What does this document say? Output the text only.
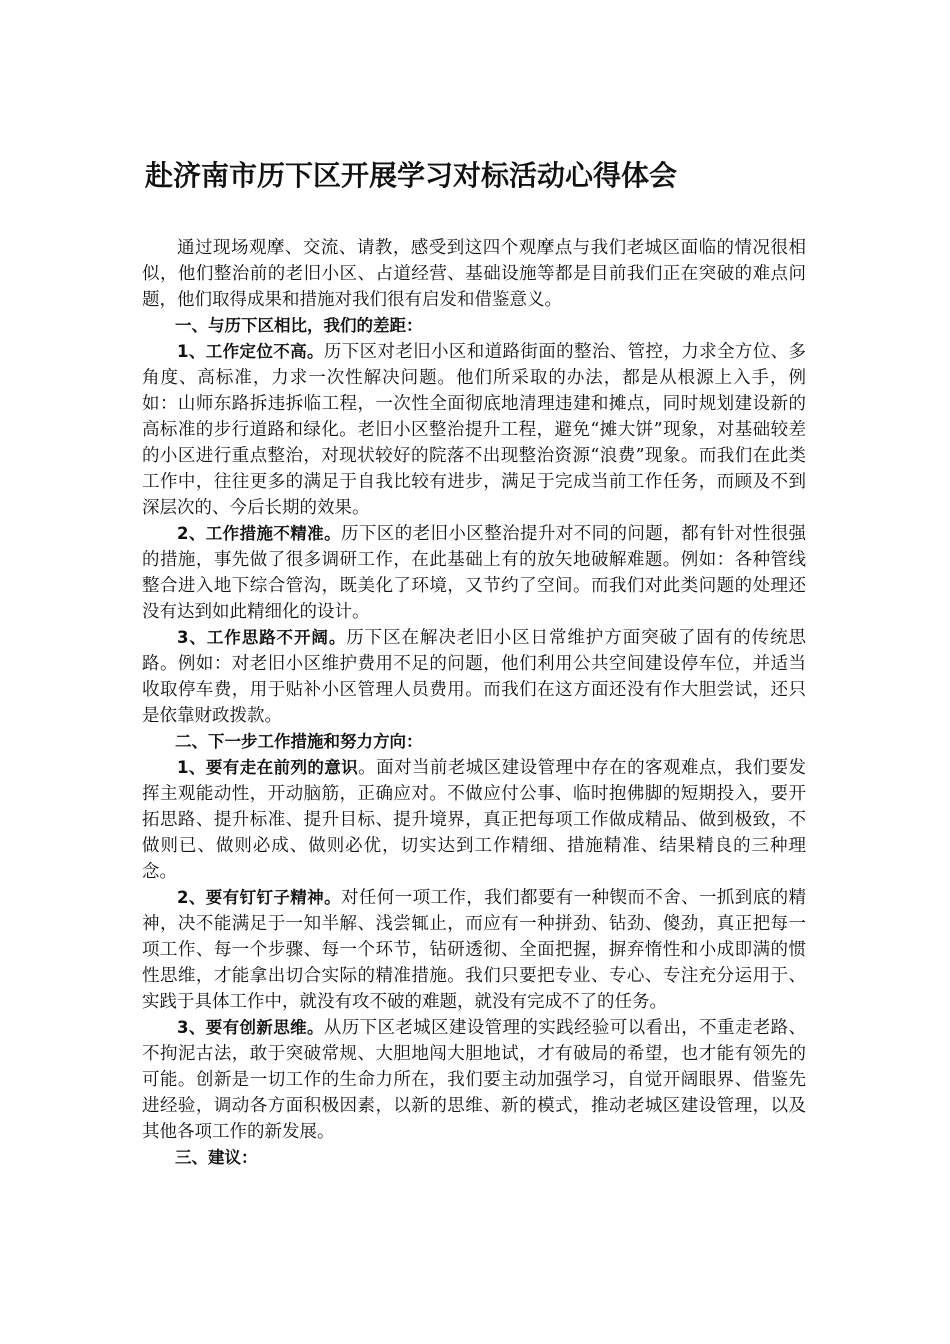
赴济南市历下区开展学习对标活动心得体会

通过现场观摩、交流、请教，感受到这四个观摩点与我们老城区面临的情况很相似，他们整治前的老旧小区、占道经营、基础设施等都是目前我们正在突破的难点问题，他们取得成果和措施对我们很有启发和借鉴意义。

一、与历下区相比，我们的差距：

1、工作定位不高。历下区对老旧小区和道路街面的整治、管控，力求全方位、多角度、高标准，力求一次性解决问题。他们所采取的办法，都是从根源上入手，例如：山师东路拆违拆临工程，一次性全面彻底地清理违建和摊点，同时规划建设新的高标准的步行道路和绿化。老旧小区整治提升工程，避免“摊大饼”现象，对基础较差的小区进行重点整治，对现状较好的院落不出现整治资源“浪费”现象。而我们在此类工作中，往往更多的满足于自我比较有进步，满足于完成当前工作任务，而顾及不到深层次的、今后长期的效果。

2、工作措施不精准。历下区的老旧小区整治提升对不同的问题，都有针对性很强的措施，事先做了很多调研工作，在此基础上有的放矢地破解难题。例如：各种管线整合进入地下综合管沟，既美化了环境，又节约了空间。而我们对此类问题的处理还没有达到如此精细化的设计。

3、工作思路不开阔。历下区在解决老旧小区日常维护方面突破了固有的传统思路。例如：对老旧小区维护费用不足的问题，他们利用公共空间建设停车位，并适当收取停车费，用于贴补小区管理人员费用。而我们在这方面还没有作大胆尝试，还只是依靠财政拨款。

二、下一步工作措施和努力方向：

1、要有走在前列的意识。面对当前老城区建设管理中存在的客观难点，我们要发挥主观能动性，开动脑筋，正确应对。不做应付公事、临时抱佛脚的短期投入，要开拓思路、提升标准、提升目标、提升境界，真正把每项工作做成精品、做到极致，不做则已、做则必成、做则必优，切实达到工作精细、措施精准、结果精良的三种理念。

2、要有钉钉子精神。对任何一项工作，我们都要有一种锲而不舍、一抓到底的精神，决不能满足于一知半解、浅尝辄止，而应有一种拼劲、钻劲、傻劲，真正把每一项工作、每一个步骤、每一个环节，钻研透彻、全面把握，摒弃惰性和小成即满的惯性思维，才能拿出切合实际的精准措施。我们只要把专业、专心、专注充分运用于、实践于具体工作中，就没有攻不破的难题，就没有完成不了的任务。

3、要有创新思维。从历下区老城区建设管理的实践经验可以看出，不重走老路、不拘泥古法，敢于突破常规、大胆地闯大胆地试，才有破局的希望，也才能有领先的可能。创新是一切工作的生命力所在，我们要主动加强学习，自觉开阔眼界、借鉴先进经验，调动各方面积极因素，以新的思维、新的模式，推动老城区建设管理，以及其他各项工作的新发展。

三、建议：
